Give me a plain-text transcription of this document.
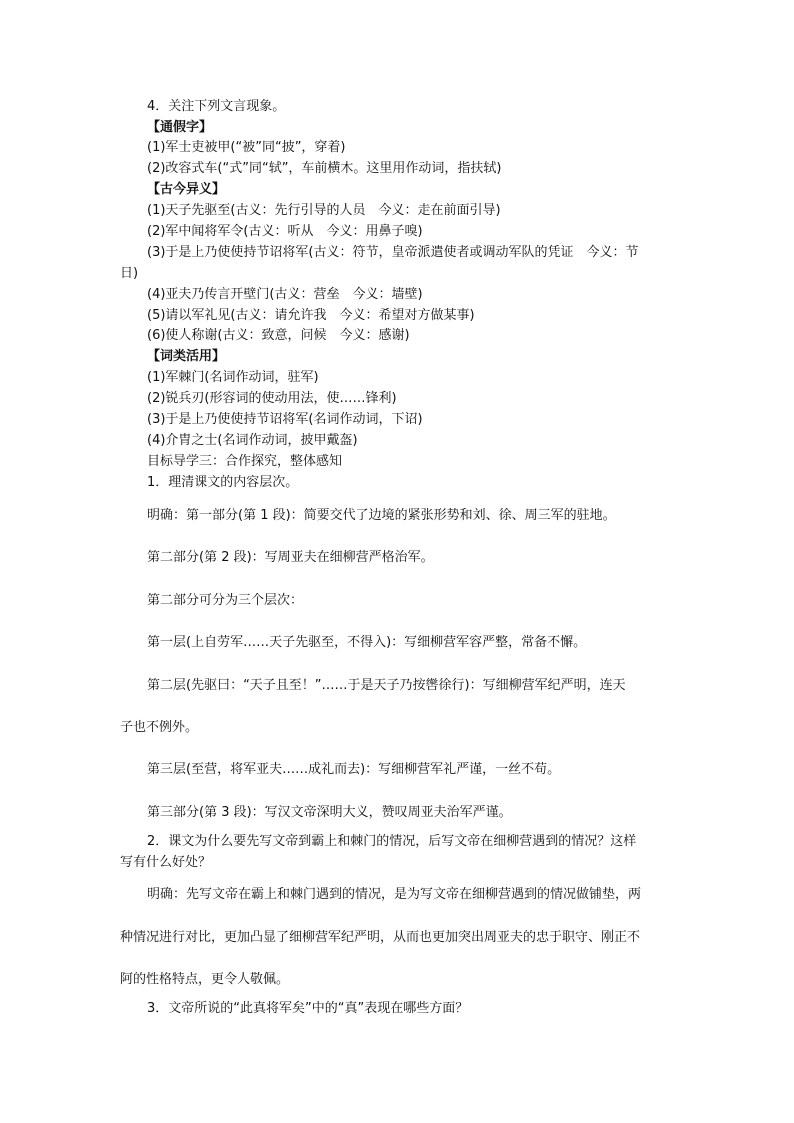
4．关注下列文言现象。
【通假字】
(1)军士吏被甲(“被”同“披”，穿着)
(2)改容式车(“式”同“轼”，车前横木。这里用作动词，指扶轼)
【古今异义】
(1)天子先驱至(古义：先行引导的人员　今义：走在前面引导)
(2)军中闻将军令(古义：听从　今义：用鼻子嗅)
(3)于是上乃使使持节诏将军(古义：符节，皇帝派遣使者或调动军队的凭证　今义：节
日)
(4)亚夫乃传言开壁门(古义：营垒　今义：墙壁)
(5)请以军礼见(古义：请允许我　今义：希望对方做某事)
(6)使人称谢(古义：致意，问候　今义：感谢)
【词类活用】
(1)军棘门(名词作动词，驻军)
(2)锐兵刃(形容词的使动用法，使……锋利)
(3)于是上乃使使持节诏将军(名词作动词，下诏)
(4)介胄之士(名词作动词，披甲戴盔)
目标导学三：合作探究，整体感知
1．理清课文的内容层次。
明确：第一部分(第 1 段)：简要交代了边境的紧张形势和刘、徐、周三军的驻地。
第二部分(第 2 段)：写周亚夫在细柳营严格治军。
第二部分可分为三个层次：
第一层(上自劳军……天子先驱至，不得入)：写细柳营军容严整，常备不懈。
第二层(先驱曰：“天子且至！”……于是天子乃按辔徐行)：写细柳营军纪严明，连天
子也不例外。
第三层(至营，将军亚夫……成礼而去)：写细柳营军礼严谨，一丝不苟。
第三部分(第 3 段)：写汉文帝深明大义，赞叹周亚夫治军严谨。
2．课文为什么要先写文帝到霸上和棘门的情况，后写文帝在细柳营遇到的情况？这样
写有什么好处？
明确：先写文帝在霸上和棘门遇到的情况，是为写文帝在细柳营遇到的情况做铺垫，两
种情况进行对比，更加凸显了细柳营军纪严明，从而也更加突出周亚夫的忠于职守、刚正不
阿的性格特点，更令人敬佩。
3．文帝所说的“此真将军矣”中的“真”表现在哪些方面？
